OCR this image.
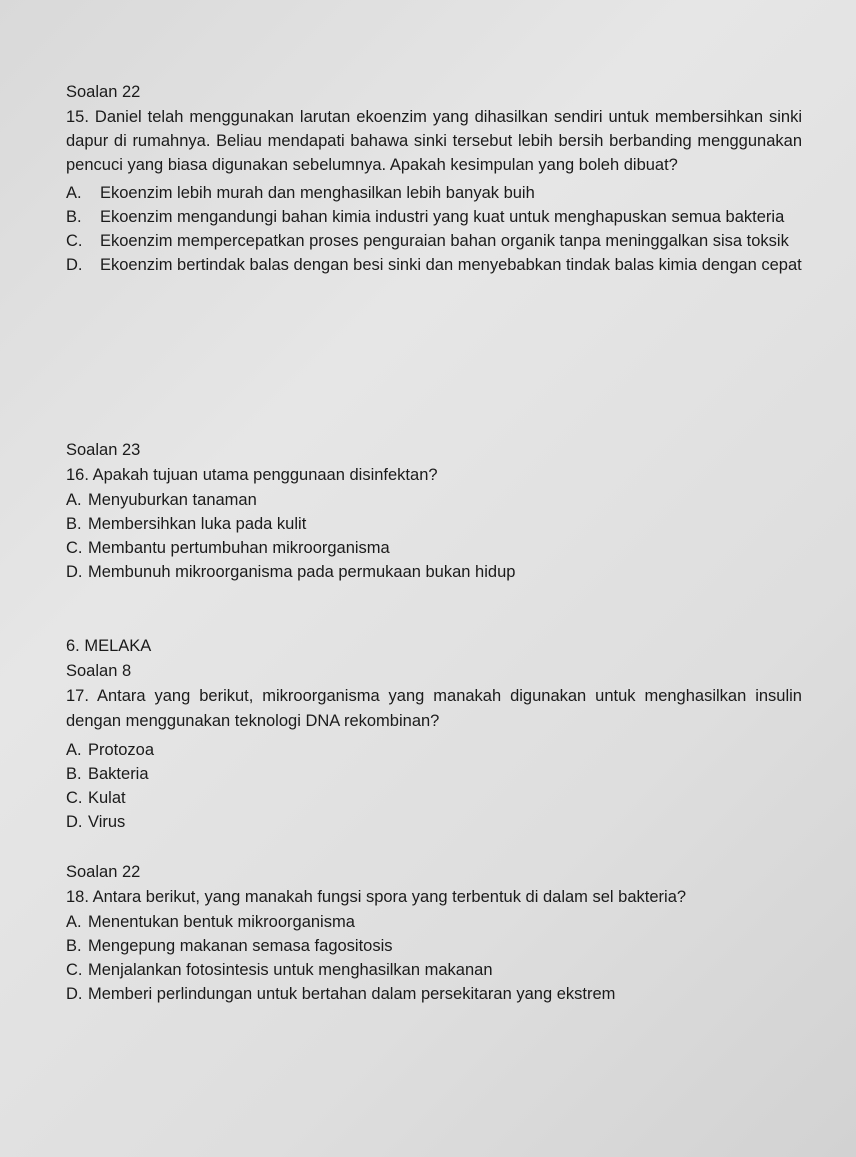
Soalan 22
15. Daniel telah menggunakan larutan ekoenzim yang dihasilkan sendiri untuk membersihkan sinki dapur di rumahnya. Beliau mendapati bahawa sinki tersebut lebih bersih berbanding menggunakan pencuci yang biasa digunakan sebelumnya. Apakah kesimpulan yang boleh dibuat?
A.	Ekoenzim lebih murah dan menghasilkan lebih banyak buih
B.	Ekoenzim mengandungi bahan kimia industri yang kuat untuk menghapuskan semua bakteria
C.	Ekoenzim mempercepatkan proses penguraian bahan organik tanpa meninggalkan sisa toksik
D.	Ekoenzim bertindak balas dengan besi sinki dan menyebabkan tindak balas kimia dengan cepat
Soalan 23
16. Apakah tujuan utama penggunaan disinfektan?
A. Menyuburkan tanaman
B. Membersihkan luka pada kulit
C. Membantu pertumbuhan mikroorganisma
D. Membunuh mikroorganisma pada permukaan bukan hidup
6. MELAKA
Soalan 8
17. Antara yang berikut, mikroorganisma yang manakah digunakan untuk menghasilkan insulin dengan menggunakan teknologi DNA rekombinan?
A. Protozoa
B. Bakteria
C. Kulat
D. Virus
Soalan 22
18. Antara berikut, yang manakah fungsi spora yang terbentuk di dalam sel bakteria?
A. Menentukan bentuk mikroorganisma
B. Mengepung makanan semasa fagositosis
C. Menjalankan fotosintesis untuk menghasilkan makanan
D. Memberi perlindungan untuk bertahan dalam persekitaran yang ekstrem
